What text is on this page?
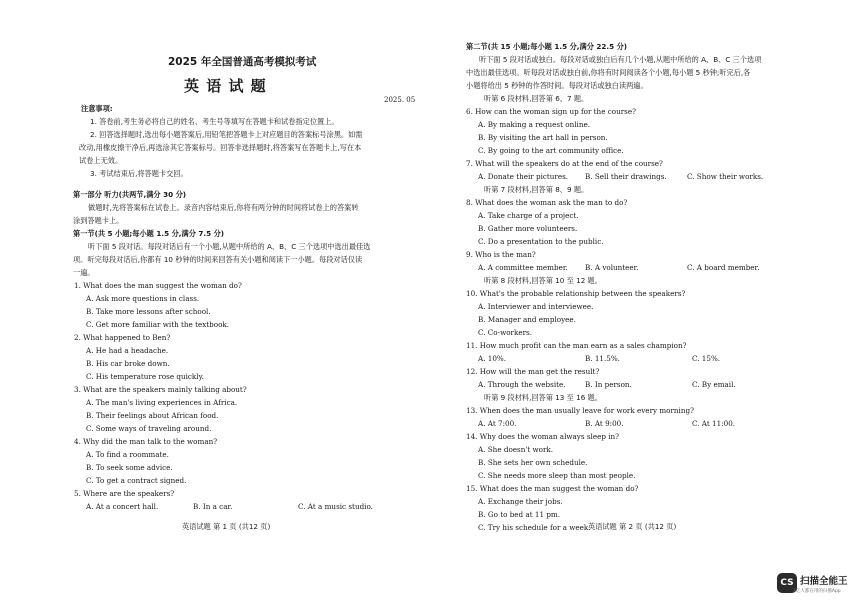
2025 年全国普通高考模拟考试
英 语 试 题
2025. 05
注意事项:
1. 答卷前,考生务必将自己的姓名、考生号等填写在答题卡和试卷指定位置上。
2. 回答选择题时,选出每小题答案后,用铅笔把答题卡上对应题目的答案标号涂黑。如需
改动,用橡皮擦干净后,再选涂其它答案标号。回答非选择题时,将答案写在答题卡上,写在本
试卷上无效。
3. 考试结束后,将答题卡交回。
第一部分 听力(共两节,满分 30 分)
做题时,先将答案标在试卷上。录音内容结束后,你将有两分钟的时间将试卷上的答案转
涂到答题卡上。
第一节(共 5 小题;每小题 1.5 分,满分 7.5 分)
听下面 5 段对话。每段对话后有一个小题,从题中所给的 A、B、C 三个选项中选出最佳选
项。听完每段对话后,你都有 10 秒钟的时间来回答有关小题和阅读下一小题。每段对话仅读
一遍。
1. What does the man suggest the woman do?
A. Ask more questions in class.
B. Take more lessons after school.
C. Get more familiar with the textbook.
2. What happened to Ben?
A. He had a headache.
B. His car broke down.
C. His temperature rose quickly.
3. What are the speakers mainly talking about?
A. The man's living experiences in Africa.
B. Their feelings about African food.
C. Some ways of traveling around.
4. Why did the man talk to the woman?
A. To find a roommate.
B. To seek some advice.
C. To get a contract signed.
5. Where are the speakers?
A. At a concert hall.	B. In a car.	C. At a music studio.
英语试题 第 1 页 (共12 页)
第二节(共 15 小题;每小题 1.5 分,满分 22.5 分)
听下面 5 段对话或独白。每段对话或独白后有几个小题,从题中所给的 A、B、C 三个选项
中选出最佳选项。听每段对话或独白前,你将有时间阅读各个小题,每小题 5 秒钟;听完后,各
小题将给出 5 秒钟的作答时间。每段对话或独白读两遍。
听第 6 段材料,回答第 6、7 题。
6. How can the woman sign up for the course?
A. By making a request online.
B. By visiting the art hall in person.
C. By going to the art community office.
7. What will the speakers do at the end of the course?
A. Donate their pictures. B. Sell their drawings.	C. Show their works.
听第 7 段材料,回答第 8、9 题。
8. What does the woman ask the man to do?
A. Take charge of a project.
B. Gather more volunteers.
C. Do a presentation to the public.
9. Who is the man?
A. A committee member. B. A volunteer.	C. A board member.
听第 8 段材料,回答第 10 至 12 题。
10. What's the probable relationship between the speakers?
A. Interviewer and interviewee.
B. Manager and employee.
C. Co-workers.
11. How much profit can the man earn as a sales champion?
A. 10%.	B. 11.5%.	C. 15%.
12. How will the man get the result?
A. Through the website.	B. In person.	C. By email.
听第 9 段材料,回答第 13 至 16 题。
13. When does the man usually leave for work every morning?
A. At 7:00.	B. At 9:00.	C. At 11:00.
14. Why does the woman always sleep in?
A. She doesn't work.
B. She sets her own schedule.
C. She needs more sleep than most people.
15. What does the man suggest the woman do?
A. Exchange their jobs.
B. Go to bed at 11 pm.
C. Try his schedule for a week.
英语试题 第 2 页 (共12 页)
CS 扫描全能王
3亿人都在用的扫描App
